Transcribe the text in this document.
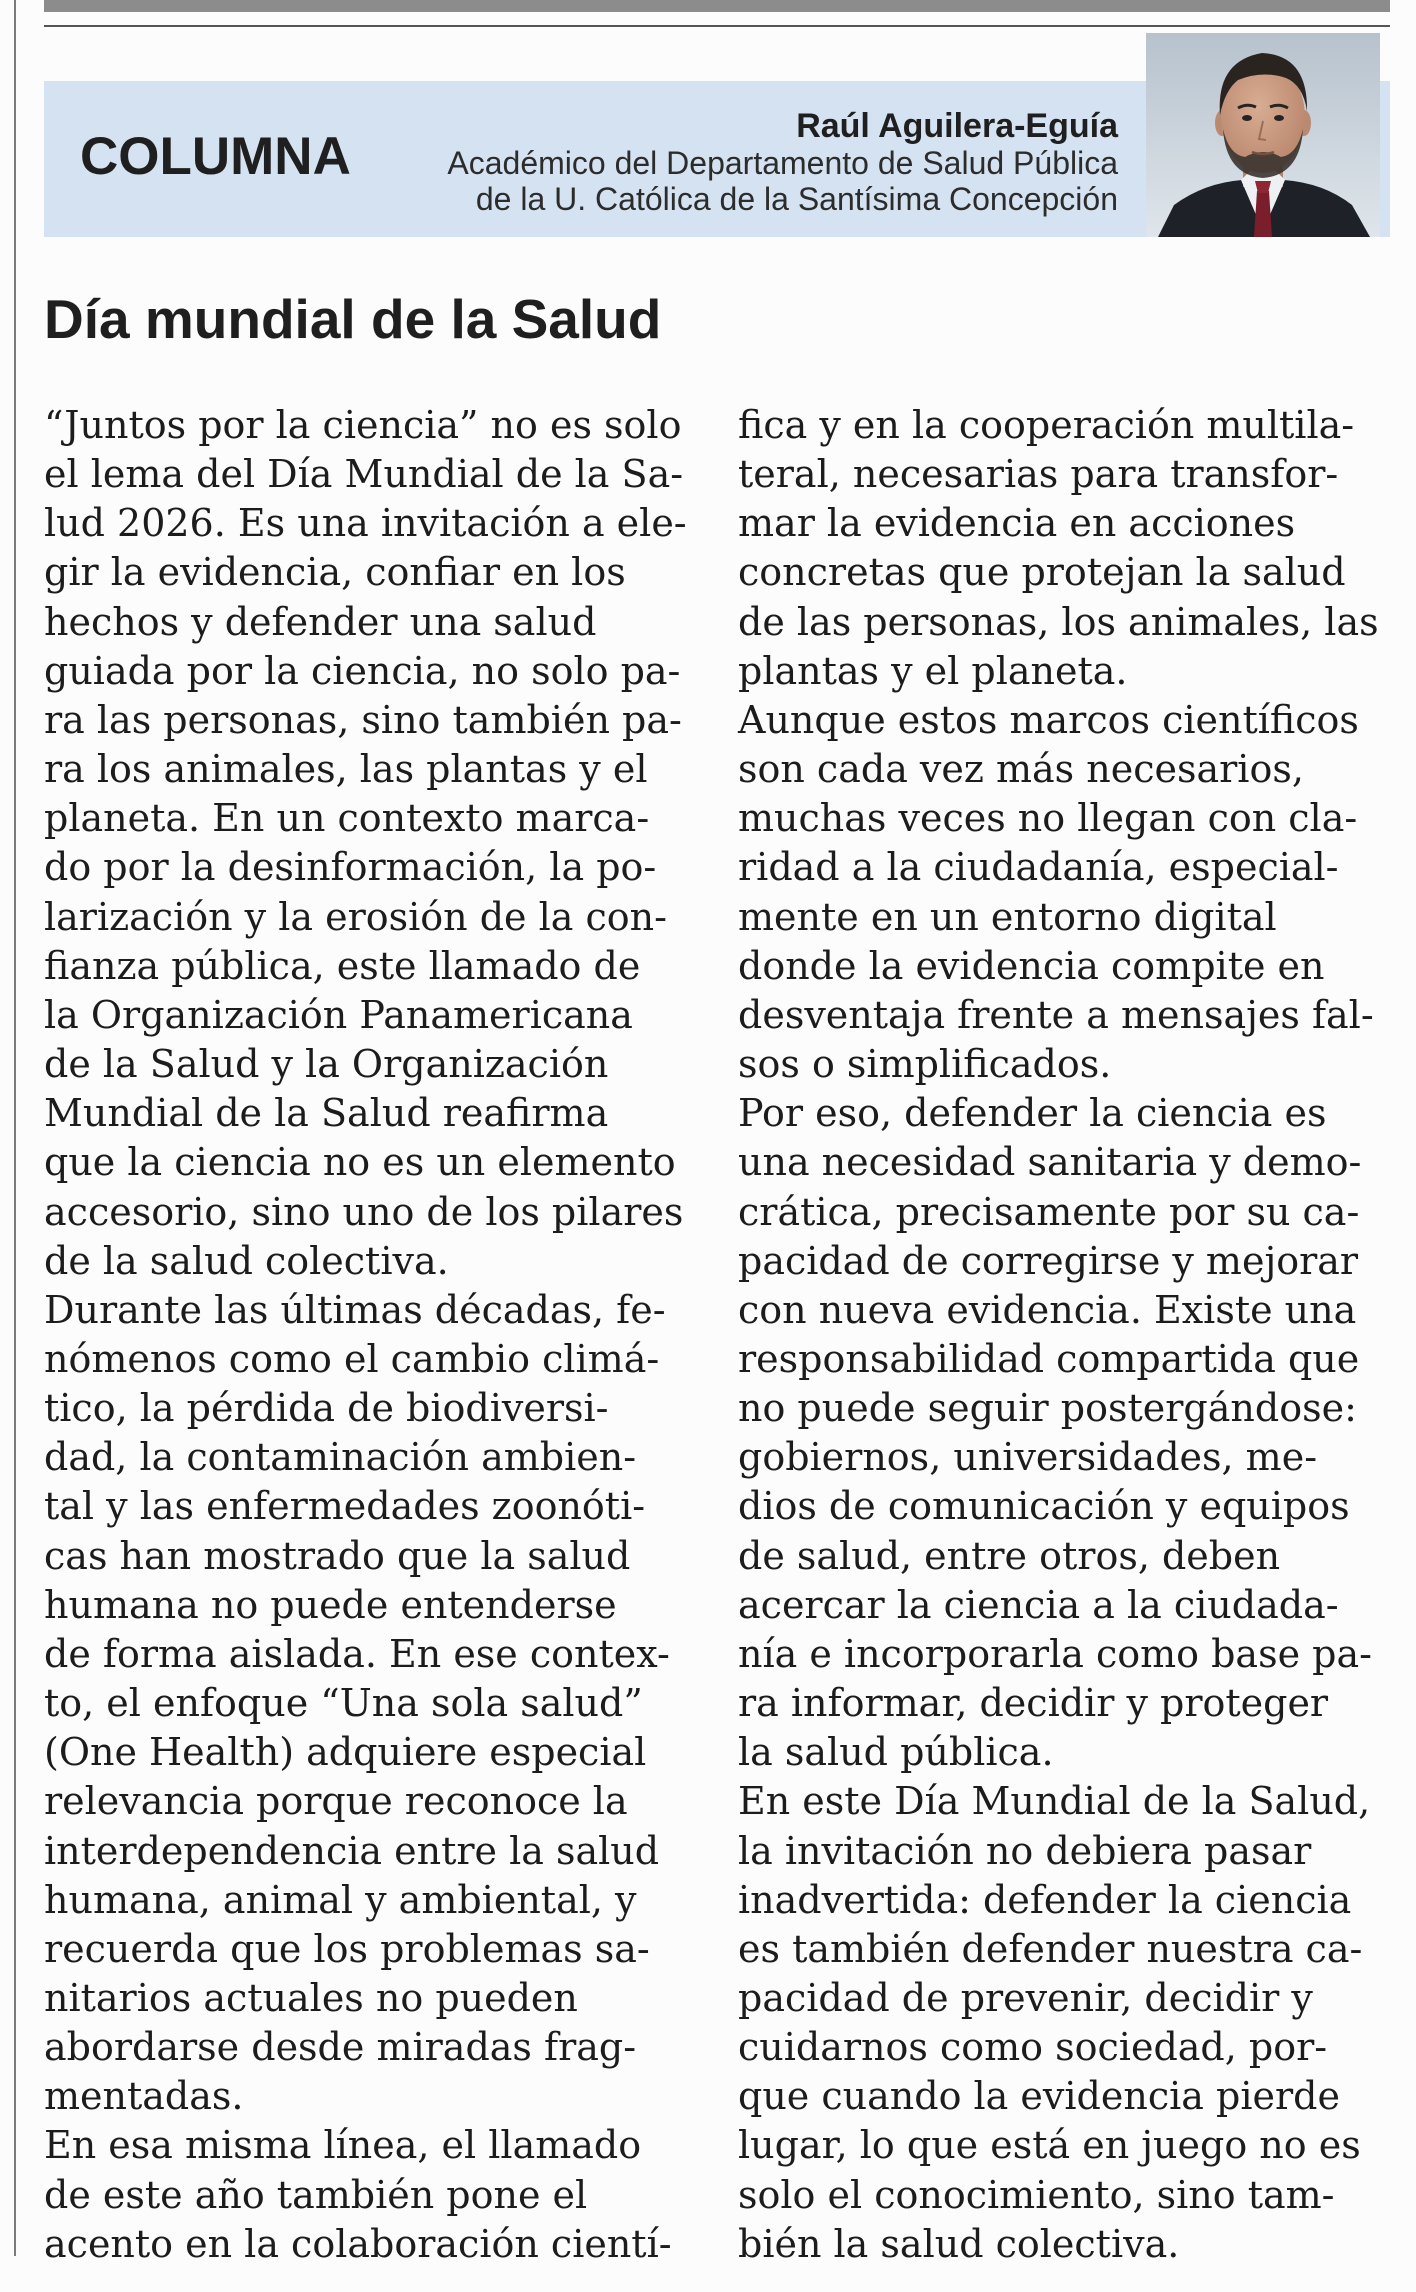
COLUMNA
Raúl Aguilera-Eguía
Académico del Departamento de Salud Pública
de la U. Católica de la Santísima Concepción
Día mundial de la Salud
“Juntos por la ciencia” no es solo
el lema del Día Mundial de la Sa-
lud 2026. Es una invitación a ele-
gir la evidencia, confiar en los
hechos y defender una salud
guiada por la ciencia, no solo pa-
ra las personas, sino también pa-
ra los animales, las plantas y el
planeta. En un contexto marca-
do por la desinformación, la po-
larización y la erosión de la con-
fianza pública, este llamado de
la Organización Panamericana
de la Salud y la Organización
Mundial de la Salud reafirma
que la ciencia no es un elemento
accesorio, sino uno de los pilares
de la salud colectiva.
Durante las últimas décadas, fe-
nómenos como el cambio climá-
tico, la pérdida de biodiversi-
dad, la contaminación ambien-
tal y las enfermedades zoonóti-
cas han mostrado que la salud
humana no puede entenderse
de forma aislada. En ese contex-
to, el enfoque “Una sola salud”
(One Health) adquiere especial
relevancia porque reconoce la
interdependencia entre la salud
humana, animal y ambiental, y
recuerda que los problemas sa-
nitarios actuales no pueden
abordarse desde miradas frag-
mentadas.
En esa misma línea, el llamado
de este año también pone el
acento en la colaboración cientí-
fica y en la cooperación multila-
teral, necesarias para transfor-
mar la evidencia en acciones
concretas que protejan la salud
de las personas, los animales, las
plantas y el planeta.
Aunque estos marcos científicos
son cada vez más necesarios,
muchas veces no llegan con cla-
ridad a la ciudadanía, especial-
mente en un entorno digital
donde la evidencia compite en
desventaja frente a mensajes fal-
sos o simplificados.
Por eso, defender la ciencia es
una necesidad sanitaria y demo-
crática, precisamente por su ca-
pacidad de corregirse y mejorar
con nueva evidencia. Existe una
responsabilidad compartida que
no puede seguir postergándose:
gobiernos, universidades, me-
dios de comunicación y equipos
de salud, entre otros, deben
acercar la ciencia a la ciudada-
nía e incorporarla como base pa-
ra informar, decidir y proteger
la salud pública.
En este Día Mundial de la Salud,
la invitación no debiera pasar
inadvertida: defender la ciencia
es también defender nuestra ca-
pacidad de prevenir, decidir y
cuidarnos como sociedad, por-
que cuando la evidencia pierde
lugar, lo que está en juego no es
solo el conocimiento, sino tam-
bién la salud colectiva.
